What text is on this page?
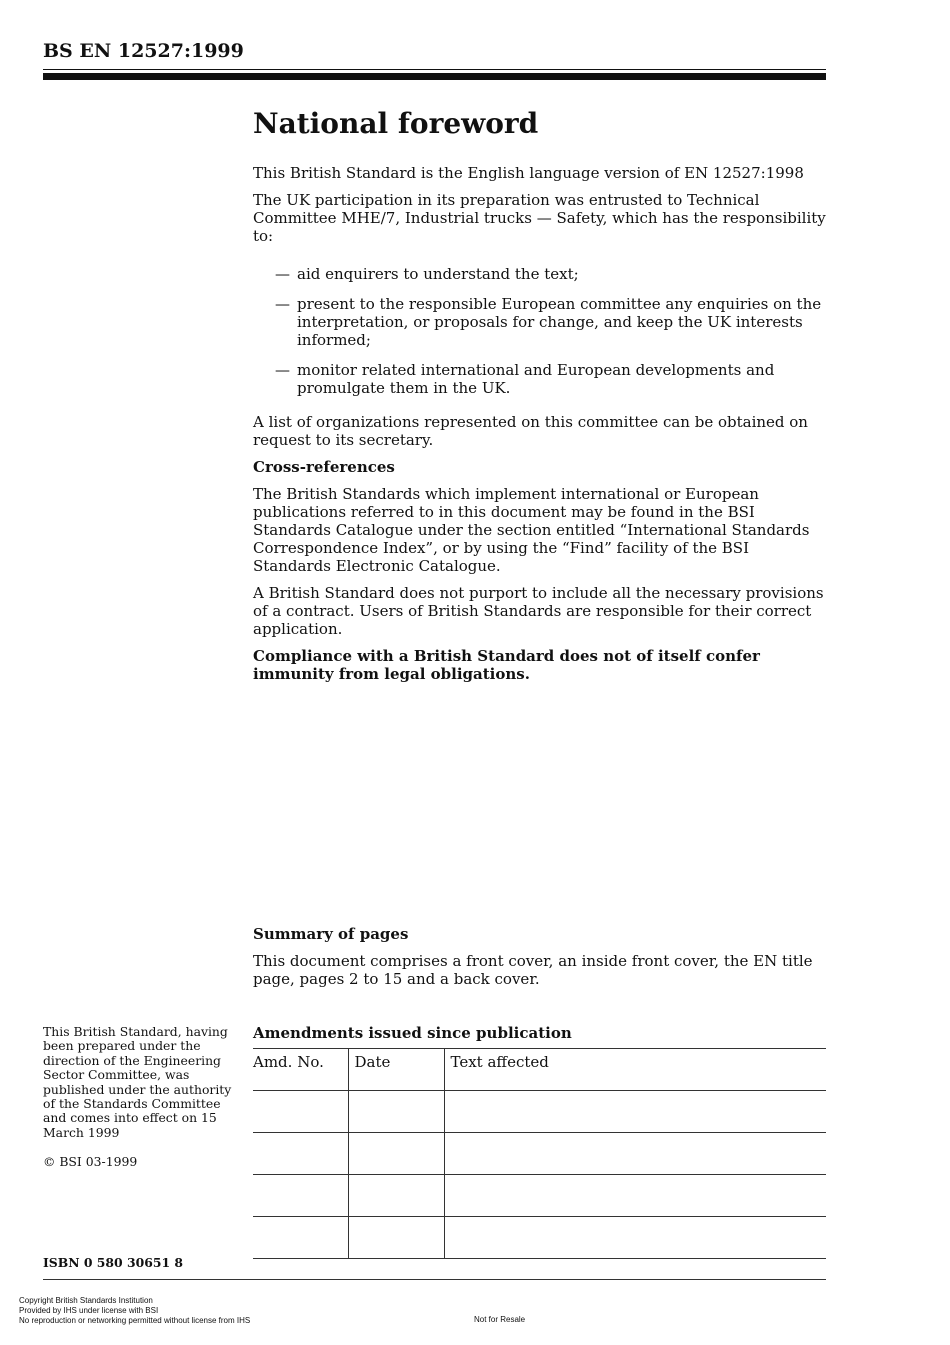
BS EN 12527:1999
National foreword

This British Standard is the English language version of EN 12527:1998

The UK participation in its preparation was entrusted to Technical Committee MHE/7, Industrial trucks — Safety, which has the responsibility to:

— aid enquirers to understand the text;
— present to the responsible European committee any enquiries on the interpretation, or proposals for change, and keep the UK interests informed;
— monitor related international and European developments and promulgate them in the UK.

A list of organizations represented on this committee can be obtained on request to its secretary.

Cross-references

The British Standards which implement international or European publications referred to in this document may be found in the BSI Standards Catalogue under the section entitled “International Standards Correspondence Index”, or by using the “Find” facility of the BSI Standards Electronic Catalogue.

A British Standard does not purport to include all the necessary provisions of a contract. Users of British Standards are responsible for their correct application.

Compliance with a British Standard does not of itself confer immunity from legal obligations.

Summary of pages

This document comprises a front cover, an inside front cover, the EN title page, pages 2 to 15 and a back cover.

This British Standard, having been prepared under the direction of the Engineering Sector Committee, was published under the authority of the Standards Committee and comes into effect on 15 March 1999
© BSI 03-1999
ISBN 0 580 30651 8
Amendments issued since publication
Amd. No.	Date	Text affected

Copyright British Standards Institution
Provided by IHS under license with BSI
No reproduction or networking permitted without license from IHS	Not for Resale
